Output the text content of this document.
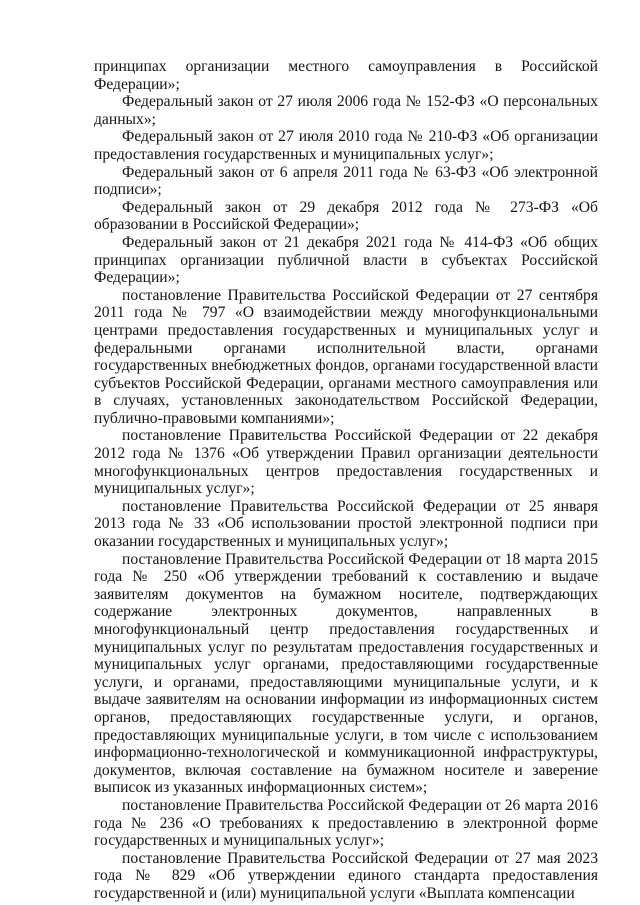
принципах организации местного самоуправления в Российской Федерации»;

Федеральный закон от 27 июля 2006 года № 152-ФЗ «О персональных данных»;

Федеральный закон от 27 июля 2010 года № 210-ФЗ «Об организации предоставления государственных и муниципальных услуг»;

Федеральный закон от 6 апреля 2011 года № 63-ФЗ «Об электронной подписи»;

Федеральный закон от 29 декабря 2012 года № 273-ФЗ «Об образовании в Российской Федерации»;

Федеральный закон от 21 декабря 2021 года № 414-ФЗ «Об общих принципах организации публичной власти в субъектах Российской Федерации»;

постановление Правительства Российской Федерации от 27 сентября 2011 года № 797 «О взаимодействии между многофункциональными центрами предоставления государственных и муниципальных услуг и федеральными органами исполнительной власти, органами государственных внебюджетных фондов, органами государственной власти субъектов Российской Федерации, органами местного самоуправления или в случаях, установленных законодательством Российской Федерации, публично-правовыми компаниями»;

постановление Правительства Российской Федерации от 22 декабря 2012 года № 1376 «Об утверждении Правил организации деятельности многофункциональных центров предоставления государственных и муниципальных услуг»;

постановление Правительства Российской Федерации от 25 января 2013 года № 33 «Об использовании простой электронной подписи при оказании государственных и муниципальных услуг»;

постановление Правительства Российской Федерации от 18 марта 2015 года № 250 «Об утверждении требований к составлению и выдаче заявителям документов на бумажном носителе, подтверждающих содержание электронных документов, направленных в многофункциональный центр предоставления государственных и муниципальных услуг по результатам предоставления государственных и муниципальных услуг органами, предоставляющими государственные услуги, и органами, предоставляющими муниципальные услуги, и к выдаче заявителям на основании информации из информационных систем органов, предоставляющих государственные услуги, и органов, предоставляющих муниципальные услуги, в том числе с использованием информационно-технологической и коммуникационной инфраструктуры, документов, включая составление на бумажном носителе и заверение выписок из указанных информационных систем»;

постановление Правительства Российской Федерации от 26 марта 2016 года № 236 «О требованиях к предоставлению в электронной форме государственных и муниципальных услуг»;

постановление Правительства Российской Федерации от 27 мая 2023 года № 829 «Об утверждении единого стандарта предоставления государственной и (или) муниципальной услуги «Выплата компенсации
